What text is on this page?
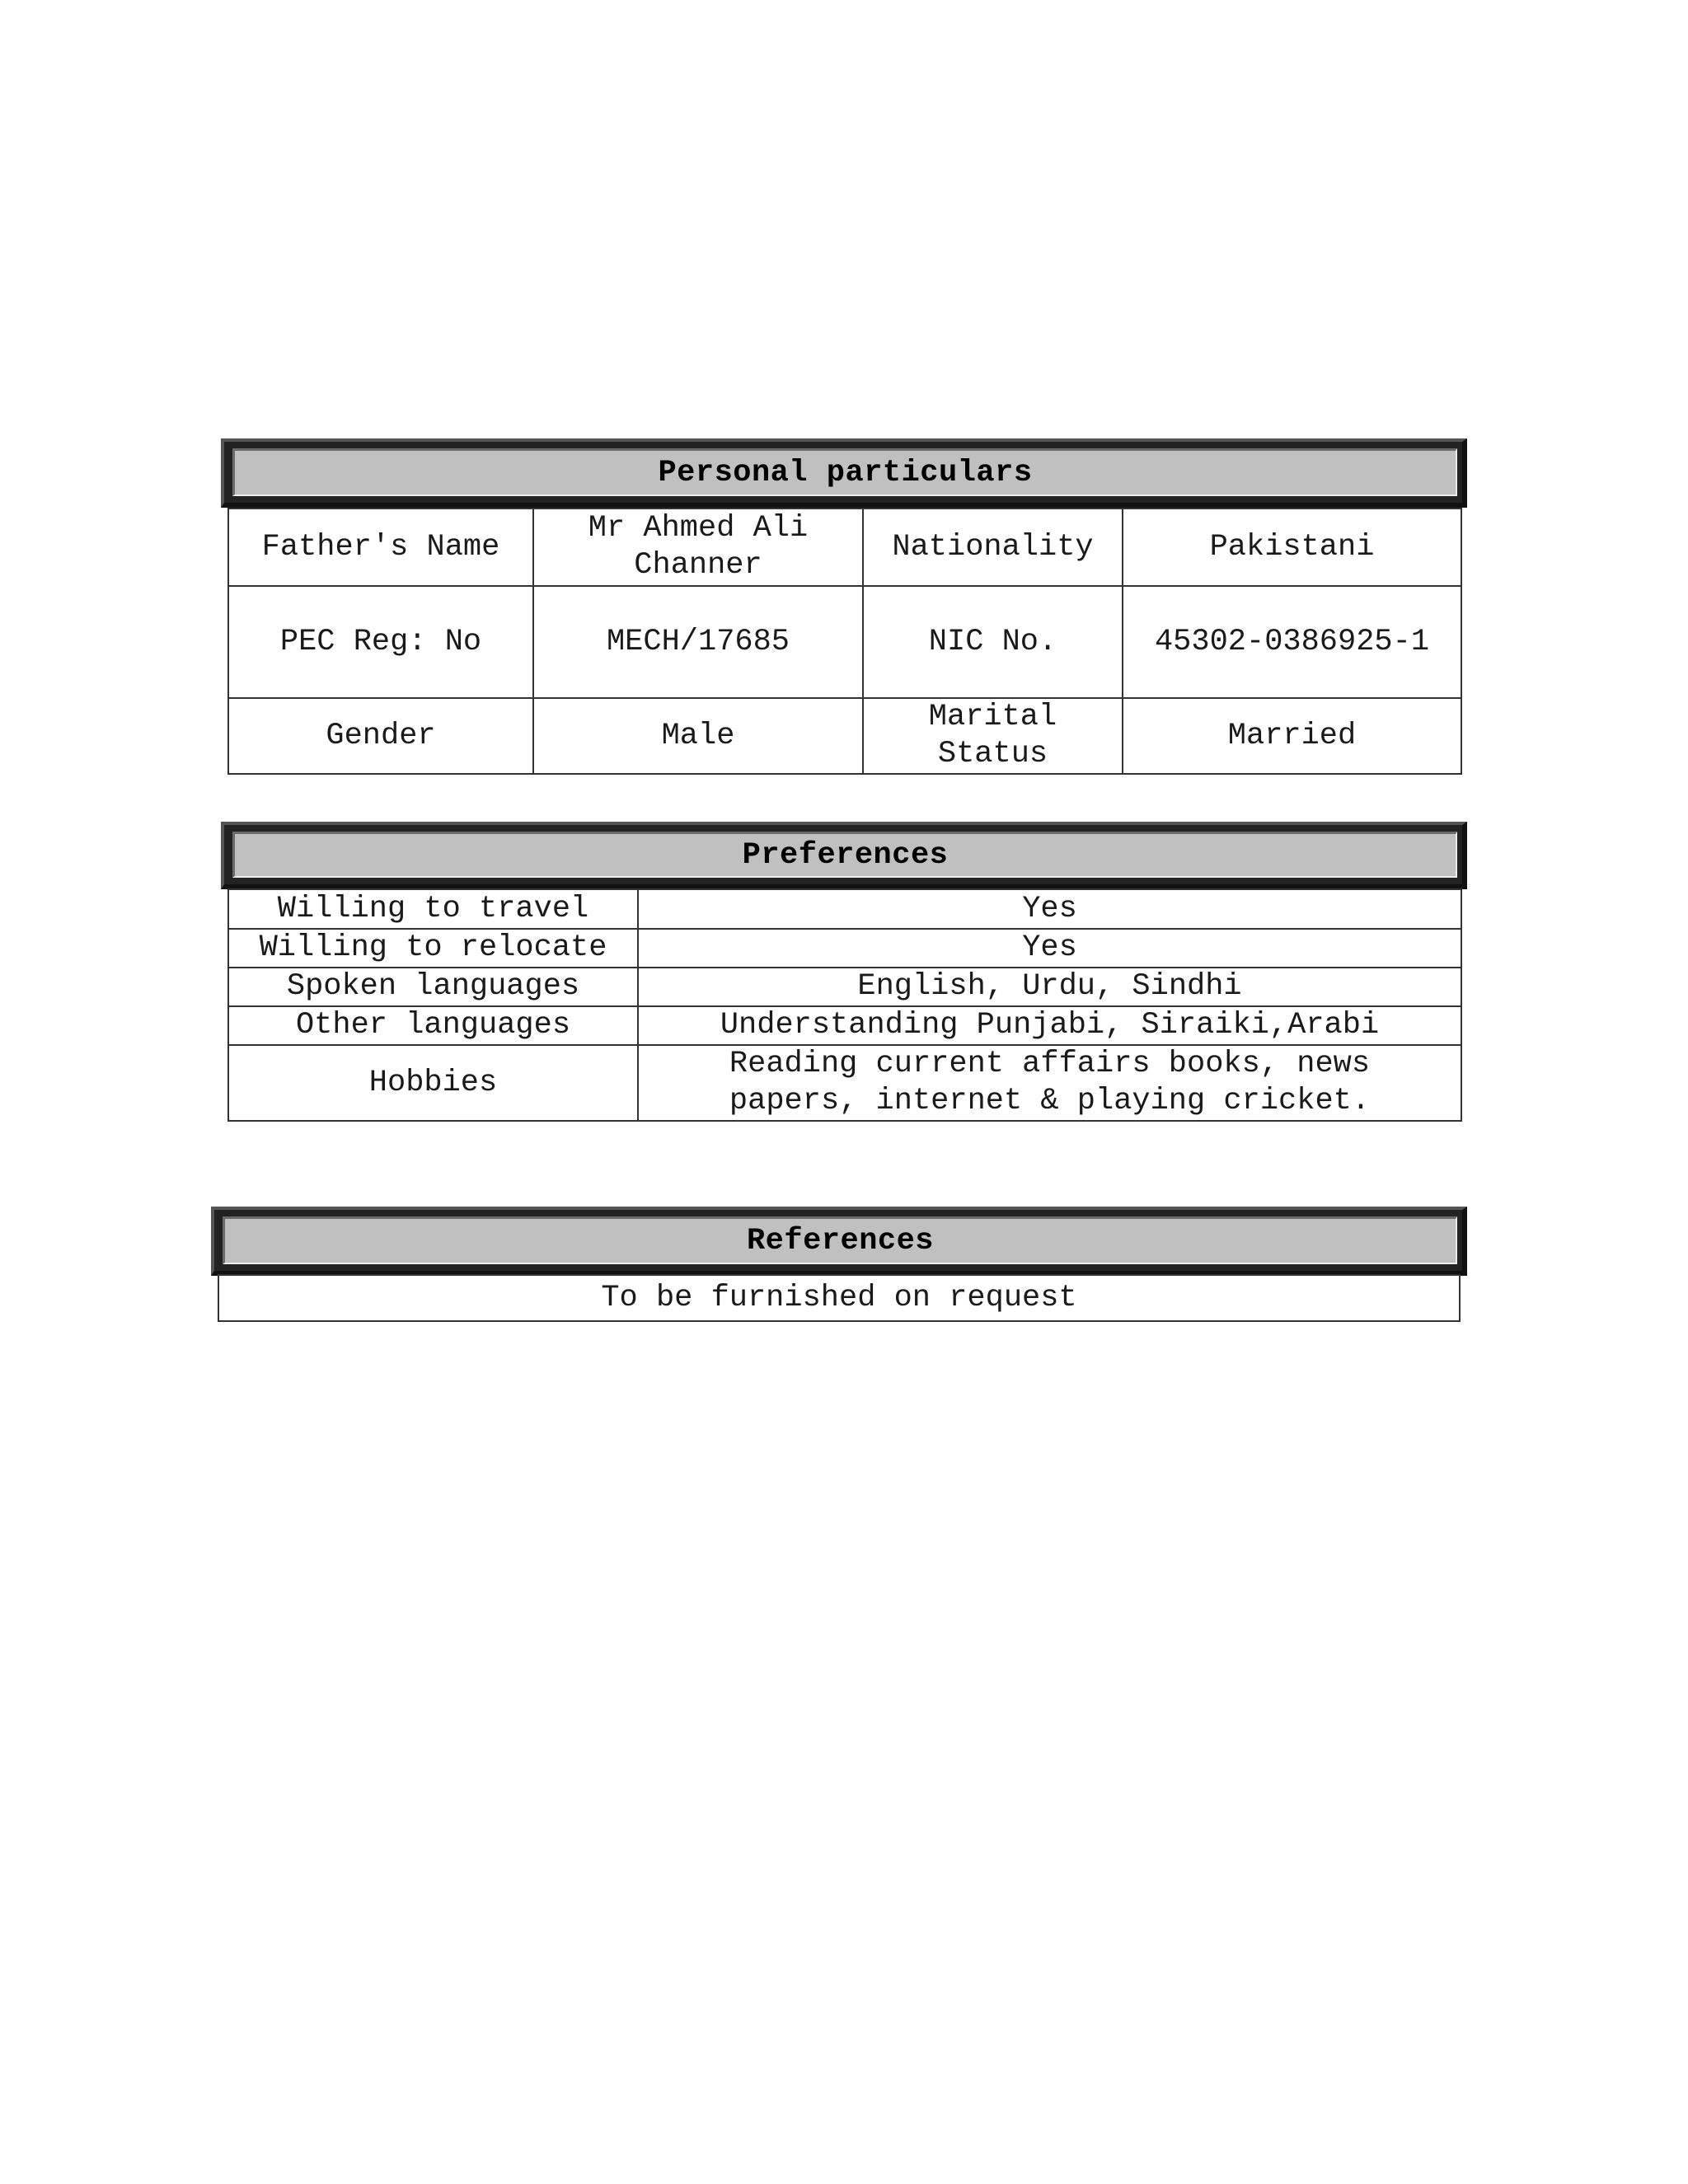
Personal particulars
Father's Name	Mr Ahmed Ali Channer	Nationality	Pakistani
PEC Reg: No	MECH/17685	NIC No.	45302-0386925-1
Gender	Male	Marital Status	Married
Preferences
Willing to travel	Yes
Willing to relocate	Yes
Spoken languages	English, Urdu, Sindhi
Other languages	Understanding Punjabi, Siraiki,Arabi
Hobbies	Reading current affairs books, news papers, internet & playing cricket.
References
To be furnished on request
